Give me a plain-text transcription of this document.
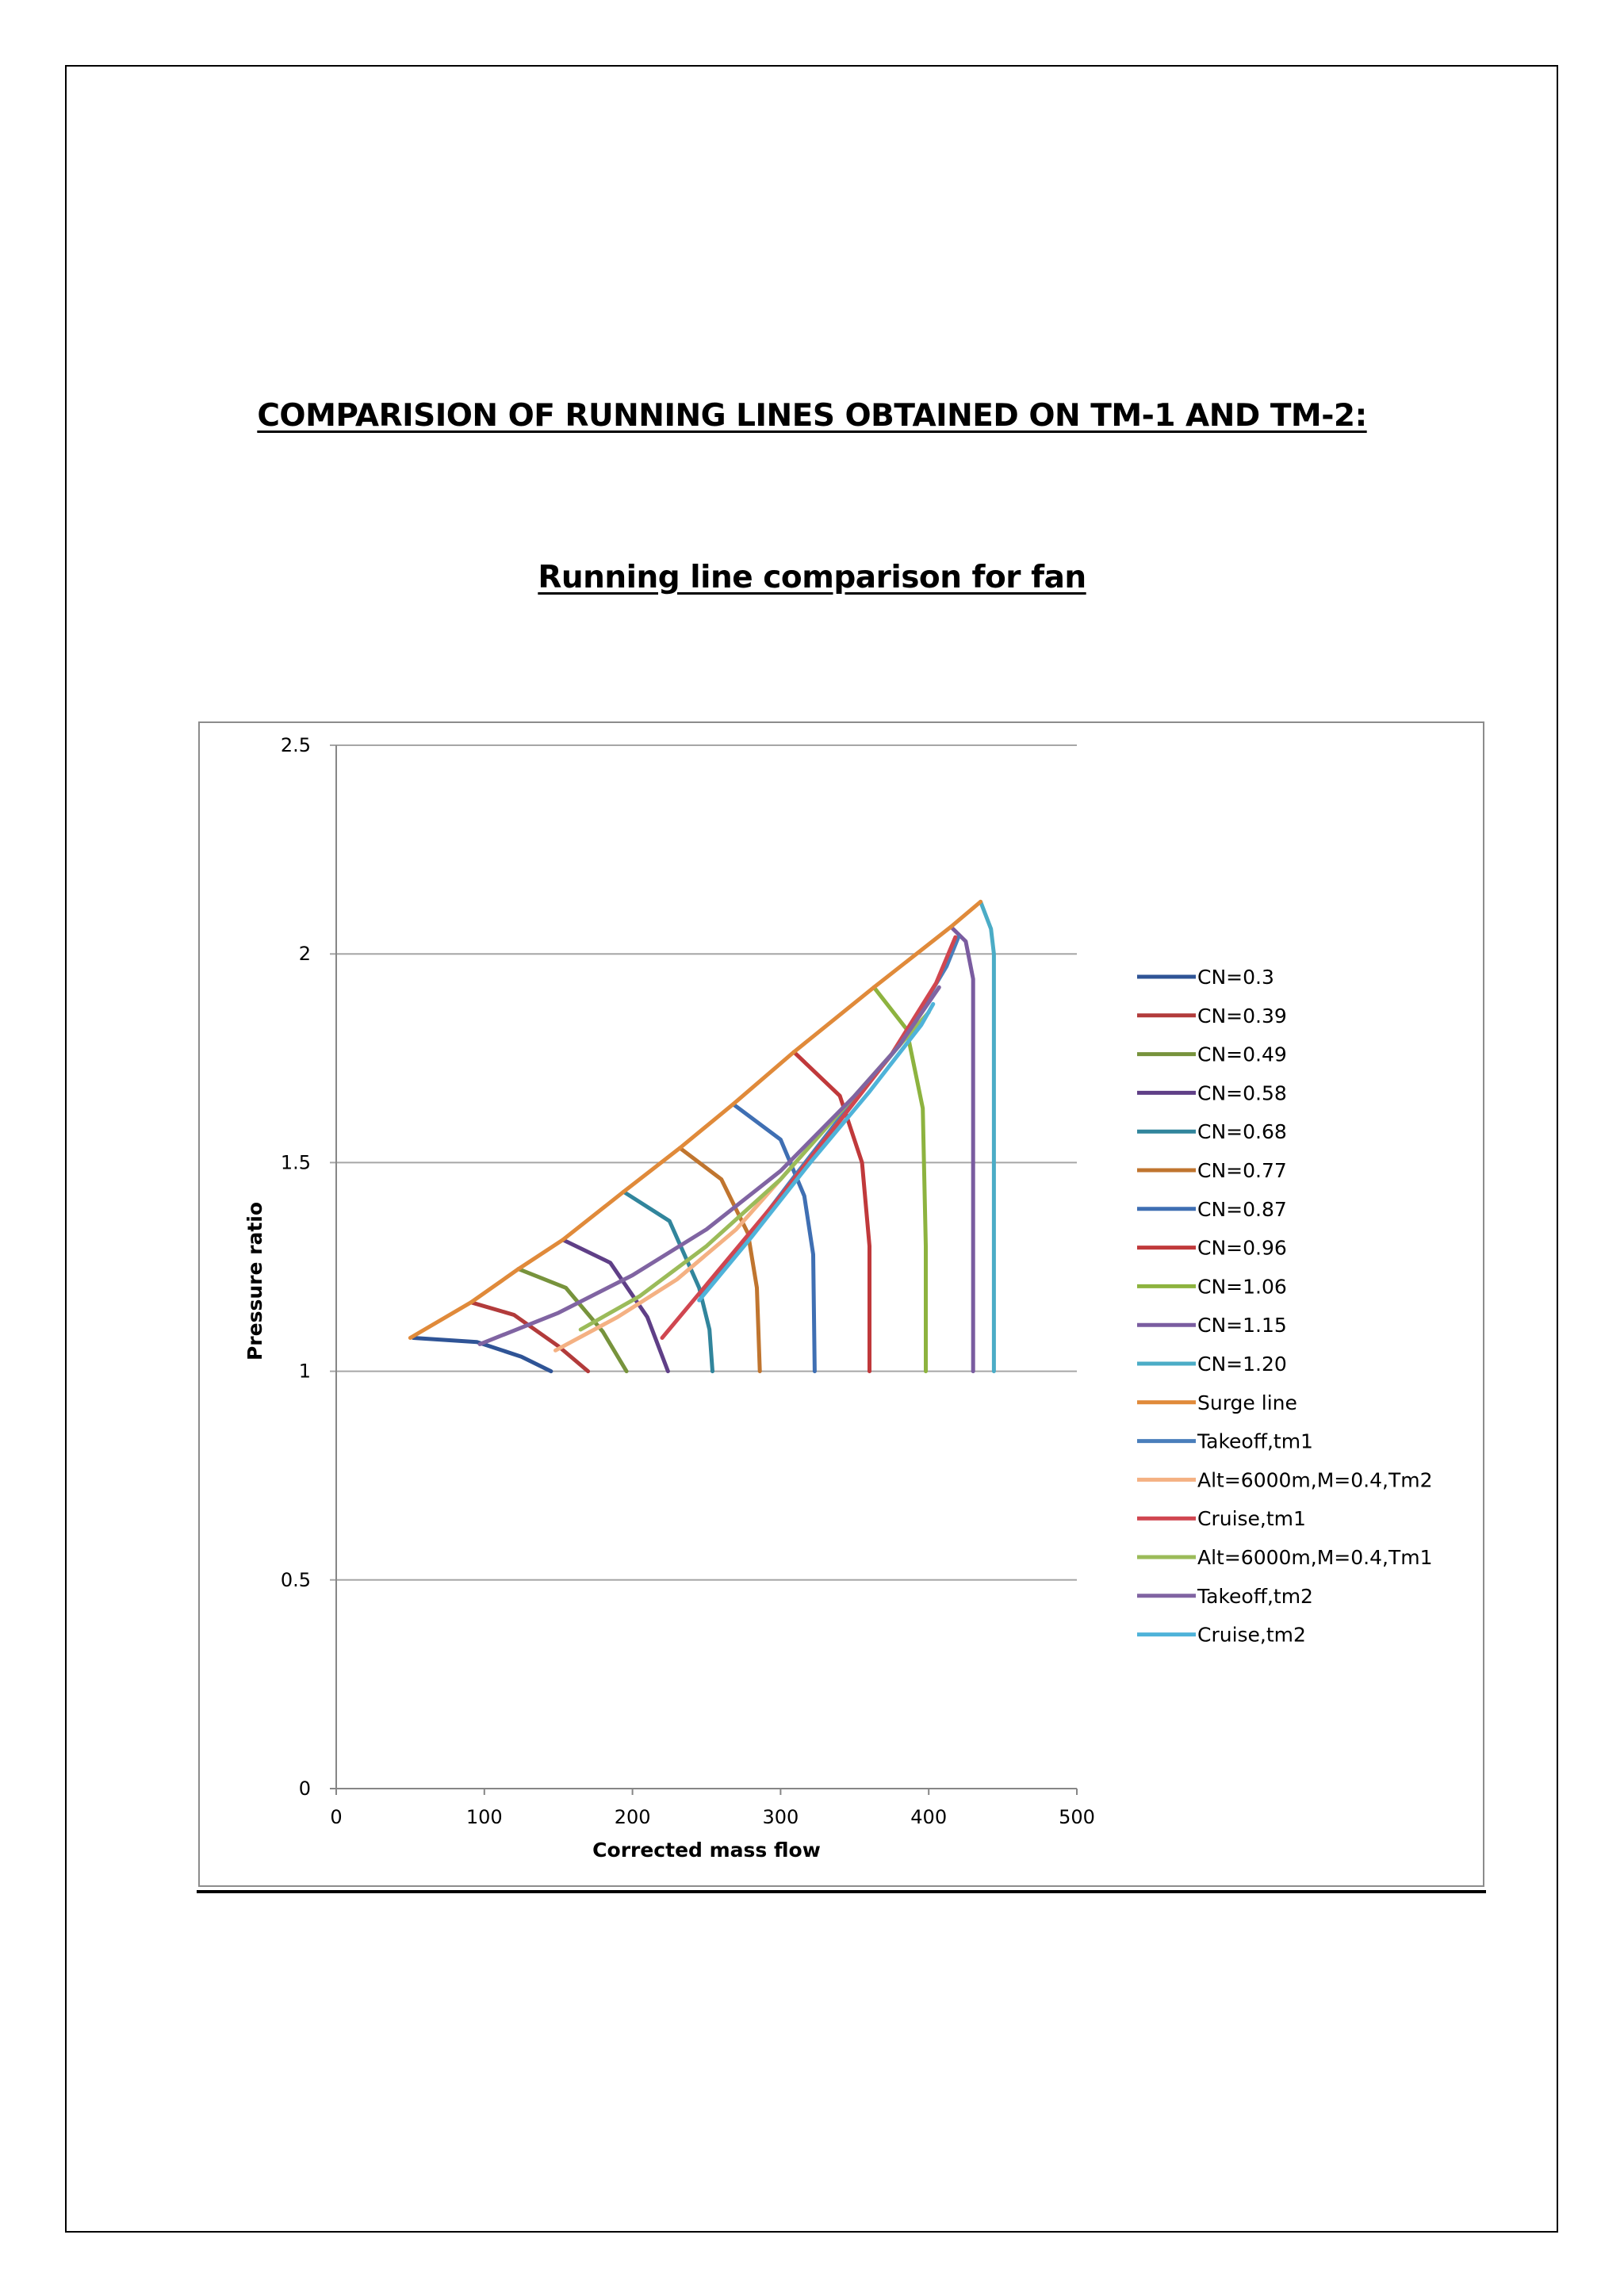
COMPARISION OF RUNNING LINES OBTAINED ON TM-1 AND TM-2:
Running line comparison for fan
0
0.5
1
1.5
2
2.5
0	100	200	300	400	500
Corrected mass flow
Pressure ratio
CN=0.3
CN=0.39
CN=0.49
CN=0.58
CN=0.68
CN=0.77
CN=0.87
CN=0.96
CN=1.06
CN=1.15
CN=1.20
Surge line
Takeoff,tm1
Alt=6000m,M=0.4,Tm2
Cruise,tm1
Alt=6000m,M=0.4,Tm1
Takeoff,tm2
Cruise,tm2
